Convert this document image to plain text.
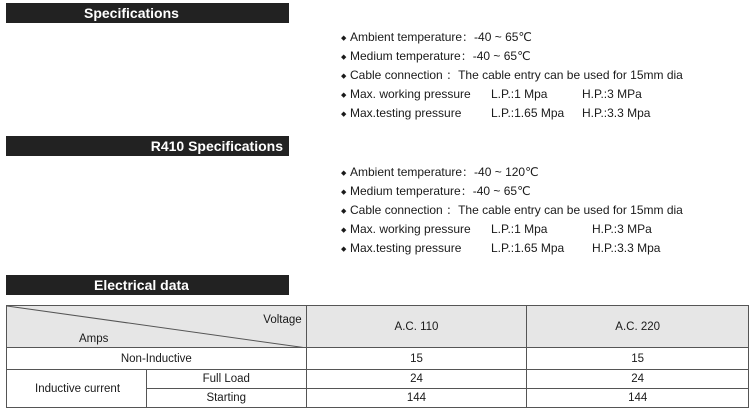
Specifications
◆ Ambient temperature：-40 ~ 65℃
◆ Medium temperature：-40 ~ 65℃
◆ Cable connection ：The cable entry can be used for 15mm dia
◆ Max. working pressure L.P.:1 Mpa	H.P.:3 MPa
◆ Max.testing pressure L.P.:1.65 Mpa H.P.:3.3 Mpa
R410 Specifications
◆ Ambient temperature：-40 ~ 120℃
◆ Medium temperature：-40 ~ 65℃
◆ Cable connection ：The cable entry can be used for 15mm dia
◆ Max. working pressure L.P.:1 Mpa	H.P.:3 MPa
◆ Max.testing pressure L.P.:1.65 Mpa H.P.:3.3 Mpa
Electrical data
Voltage
Amps		A.C. 110	A.C. 220
Non-Inductive		15	15
Inductive current	Full Load	24	24
	Starting	144	144
